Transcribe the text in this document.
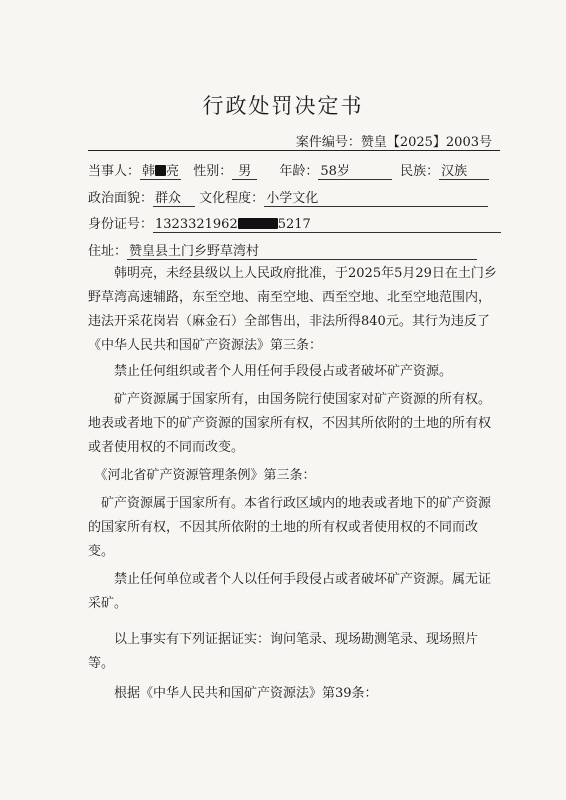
行政处罚决定书
案件编号：赞皇【2025】2003号
当事人： 韩 亮 性别： 男 年龄： 58岁	民族： 汉族
政治面貌： 群众 文化程度： 小学文化
身份证号： 1323321962	5217
住址： 赞皇县土门乡野草湾村

　　韩明亮，未经县级以上人民政府批准，于2025年5月29日在土门乡野草湾高速辅路，东至空地、南至空地、西至空地、北至空地范围内，违法开采花岗岩（麻金石）全部售出，非法所得840元。其行为违反了《中华人民共和国矿产资源法》第三条：

　　禁止任何组织或者个人用任何手段侵占或者破坏矿产资源。

　　矿产资源属于国家所有，由国务院行使国家对矿产资源的所有权。地表或者地下的矿产资源的国家所有权，不因其所依附的土地的所有权或者使用权的不同而改变。

　《河北省矿产资源管理条例》第三条：

　矿产资源属于国家所有。本省行政区域内的地表或者地下的矿产资源的国家所有权，不因其所依附的土地的所有权或者使用权的不同而改变。

　　禁止任何单位或者个人以任何手段侵占或者破坏矿产资源。属无证采矿。

　　以上事实有下列证据证实：询问笔录、现场勘测笔录、现场照片等。

　　根据《中华人民共和国矿产资源法》第39条：
